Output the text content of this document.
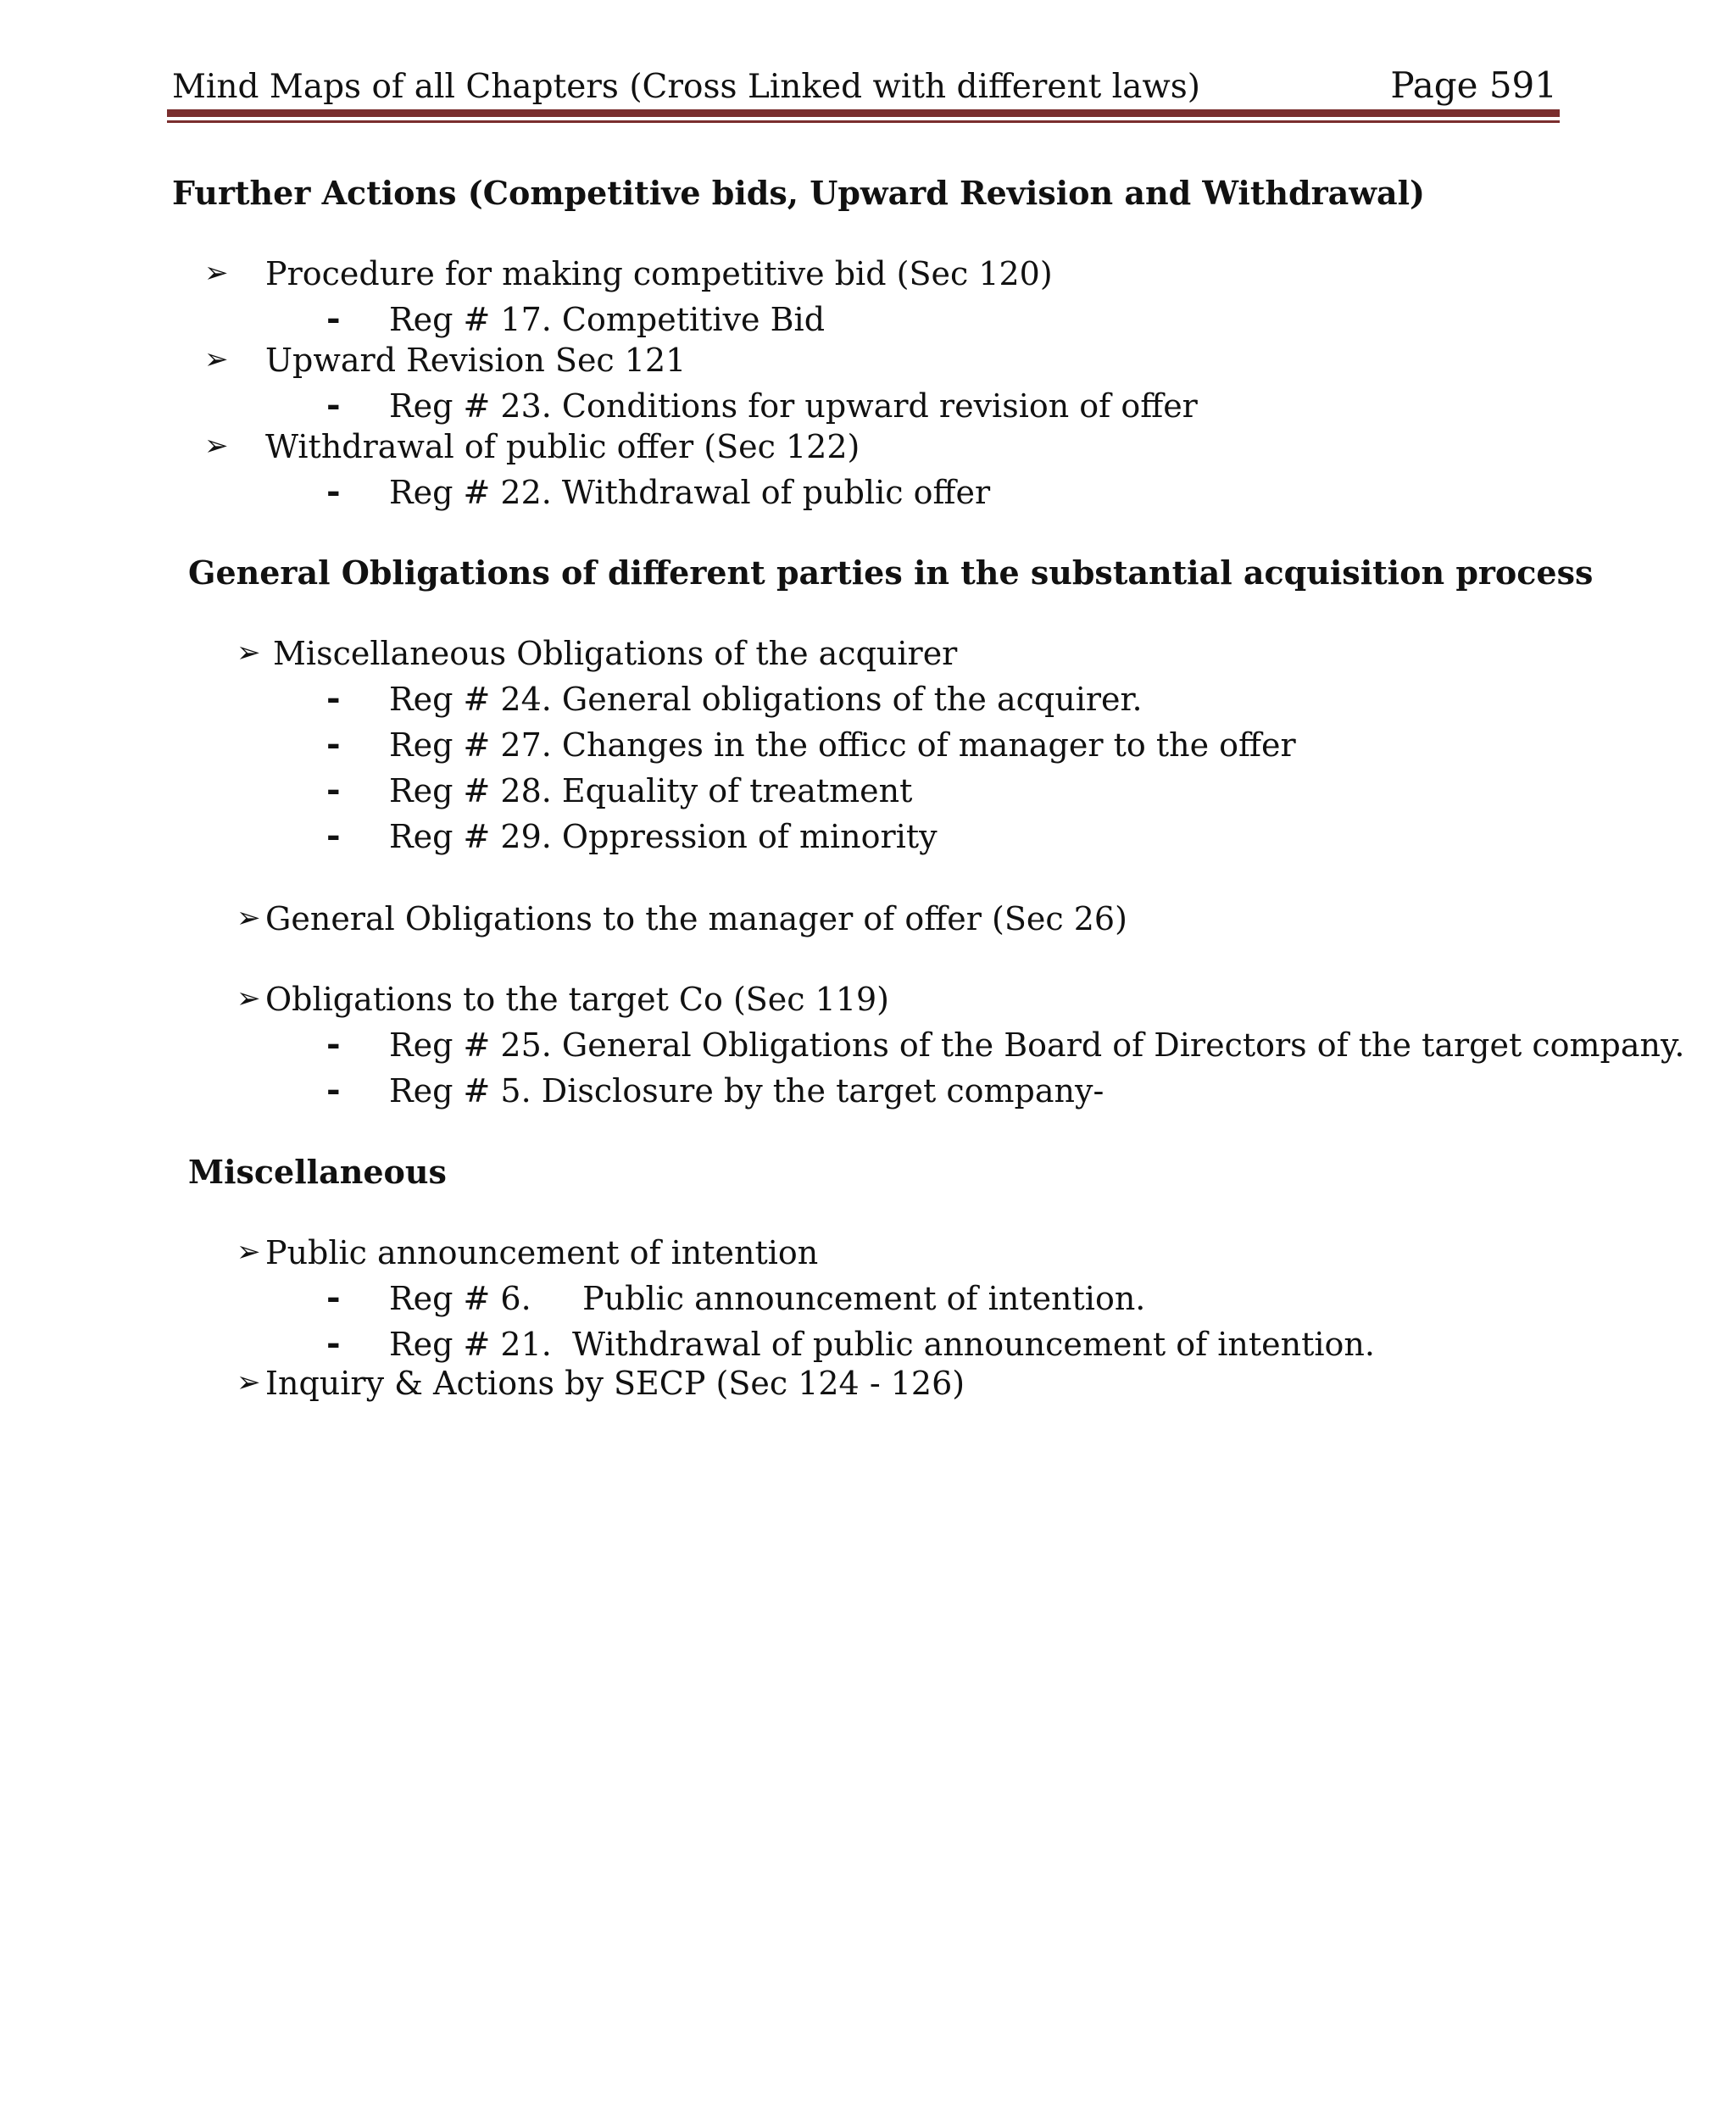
Mind Maps of all Chapters (Cross Linked with different laws)	Page 591
Further Actions (Competitive bids, Upward Revision and Withdrawal)
➢ Procedure for making competitive bid (Sec 120)
- Reg # 17. Competitive Bid
➢ Upward Revision Sec 121
- Reg # 23. Conditions for upward revision of offer
➢ Withdrawal of public offer (Sec 122)
- Reg # 22. Withdrawal of public offer
General Obligations of different parties in the substantial acquisition process
➢ Miscellaneous Obligations of the acquirer
- Reg # 24. General obligations of the acquirer.
- Reg # 27. Changes in the officc of manager to the offer
- Reg # 28. Equality of treatment
- Reg # 29. Oppression of minority
➢ General Obligations to the manager of offer (Sec 26)
➢ Obligations to the target Co (Sec 119)
- Reg # 25. General Obligations of the Board of Directors of the target company.
- Reg # 5. Disclosure by the target company-
Miscellaneous
➢ Public announcement of intention
- Reg # 6.     Public announcement of intention.
- Reg # 21.  Withdrawal of public announcement of intention.
➢ Inquiry & Actions by SECP (Sec 124 - 126)
